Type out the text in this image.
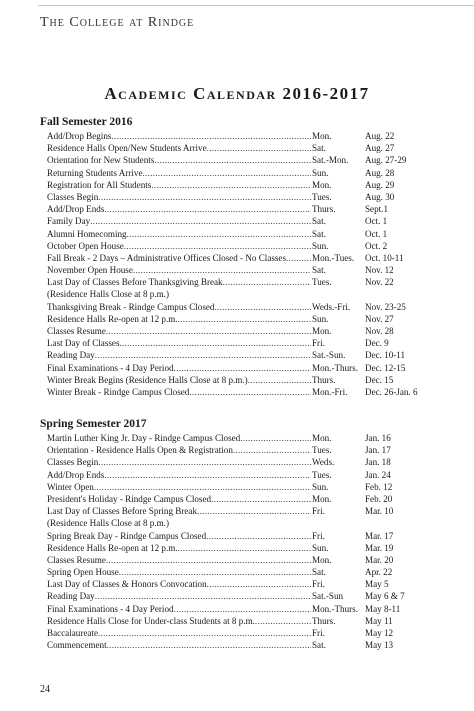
The College at Rindge
Academic Calendar 2016-2017
Fall Semester 2016
Add/Drop Begins .....	Mon.	Aug. 22
Residence Halls Open/New Students Arrive .....	Sat.	Aug. 27
Orientation for New Students .....	Sat.-Mon. Aug. 27-29
Returning Students Arrive .....	Sun.	Aug. 28
Registration for All Students .....	Mon.	Aug. 29
Classes Begin .....	Tues.	Aug. 30
Add/Drop Ends .....	Thurs.	Sept.1
Family Day .....	Sat.	Oct. 1
Alumni Homecoming .....	Sat.	Oct. 1
October Open House .....	Sun.	Oct. 2
Fall Break - 2 Days – Administrative Offices Closed - No Classes .....	Mon.-Tues. Oct. 10-11
November Open House .....	Sat.	Nov. 12
Last Day of Classes Before Thanksgiving Break .....	Tues.	Nov. 22
(Residence Halls Close at 8 p.m.)
Thanksgiving Break - Rindge Campus Closed .....	Weds.-Fri. Nov. 23-25
Residence Halls Re-open at 12 p.m. .....	Sun.	Nov. 27
Classes Resume .....	Mon.	Nov. 28
Last Day of Classes .....	Fri.	Dec. 9
Reading Day .....	Sat.-Sun. Dec. 10-11
Final Examinations - 4 Day Period .....	Mon.-Thurs. Dec. 12-15
Winter Break Begins (Residence Halls Close at 8 p.m.) .....	Thurs.	Dec. 15
Winter Break - Rindge Campus Closed .....	Mon.-Fri. Dec. 26-Jan. 6
Spring Semester 2017
Martin Luther King Jr. Day - Rindge Campus Closed .....	Mon.	Jan. 16
Orientation - Residence Halls Open & Registration .....	Tues.	Jan. 17
Classes Begin .....	Weds.	Jan. 18
Add/Drop Ends .....	Tues.	Jan. 24
Winter Open .....	Sun.	Feb. 12
President's Holiday - Rindge Campus Closed .....	Mon.	Feb. 20
Last Day of Classes Before Spring Break .....	Fri.	Mar. 10
(Residence Halls Close at 8 p.m.)
Spring Break Day - Rindge Campus Closed .....	Fri.	Mar. 17
Residence Halls Re-open at 12 p.m. .....	Sun.	Mar. 19
Classes Resume .....	Mon.	Mar. 20
Spring Open House .....	Sat.	Apr. 22
Last Day of Classes & Honors Convocation .....	Fri.	May 5
Reading Day .....	Sat.-Sun May 6 & 7
Final Examinations - 4 Day Period .....	Mon.-Thurs. May 8-11
Residence Halls Close for Under-class Students at 8 p.m. .....	Thurs.	May 11
Baccalaureate .....	Fri.	May 12
Commencement .....	Sat.	May 13
24
